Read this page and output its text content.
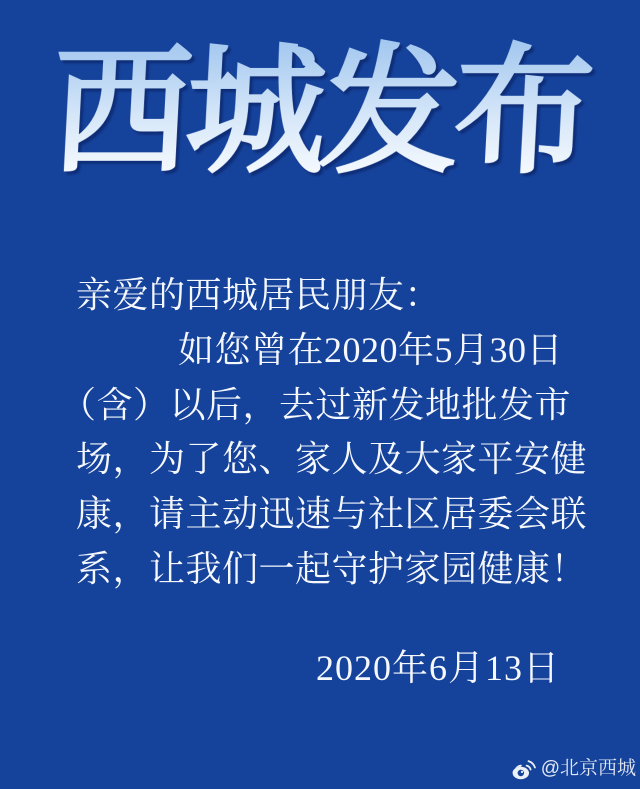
西城发布
亲爱的西城居民朋友：
如您曾在2020年5月30日
（含）以后，去过新发地批发市
场，为了您、家人及大家平安健
康，请主动迅速与社区居委会联
系，让我们一起守护家园健康！
2020年6月13日
@北京西城
